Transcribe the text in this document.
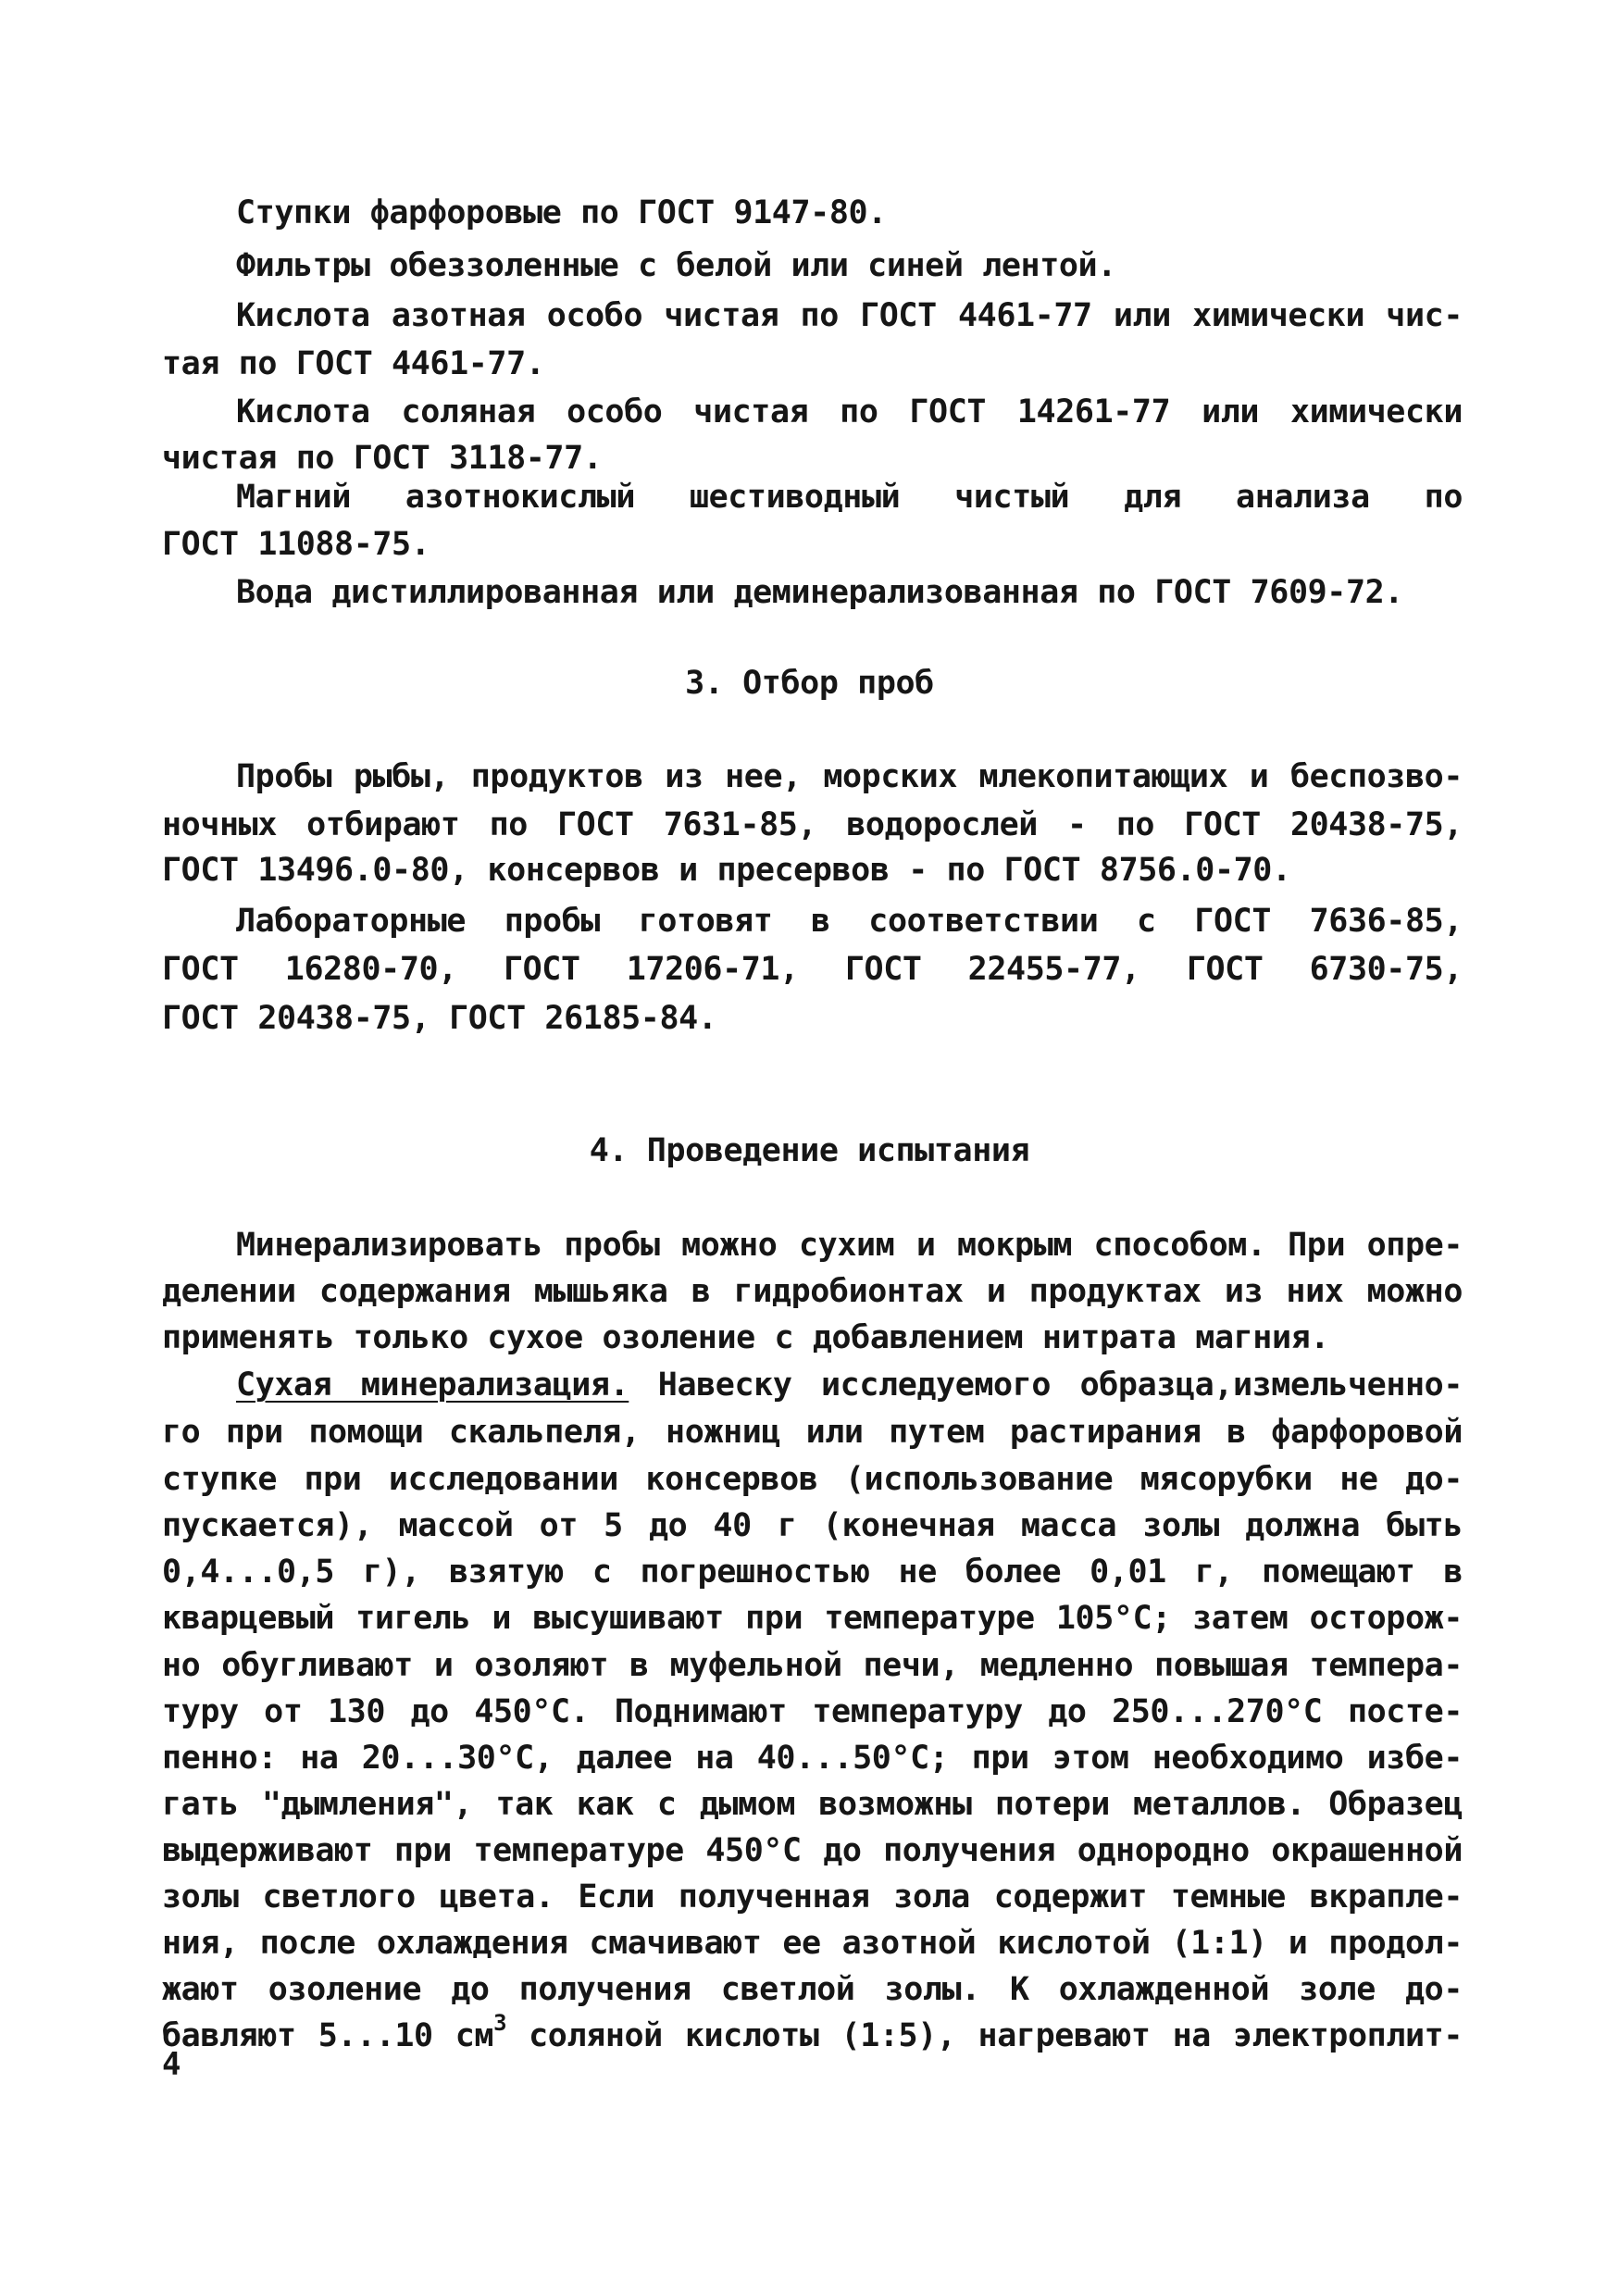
Ступки фарфоровые по ГОСТ 9147-80.
Фильтры обеззоленные с белой или синей лентой.
Кислота азотная особо чистая по ГОСТ 4461-77 или химически чис-
тая по ГОСТ 4461-77.
Кислота соляная особо чистая по ГОСТ 14261-77 или химически
чистая по ГОСТ 3118-77.
Магний азотнокислый шестиводный чистый для анализа по
ГОСТ 11088-75.
Вода дистиллированная или деминерализованная по ГОСТ 7609-72.
3. Отбор проб
Пробы рыбы, продуктов из нее, морских млекопитающих и беспозво-
ночных отбирают по ГОСТ 7631-85, водорослей - по ГОСТ 20438-75,
ГОСТ 13496.0-80, консервов и пресервов - по ГОСТ 8756.0-70.
Лабораторные пробы готовят в соответствии с ГОСТ 7636-85,
ГОСТ 16280-70, ГОСТ 17206-71, ГОСТ 22455-77, ГОСТ 6730-75,
ГОСТ 20438-75, ГОСТ 26185-84.
4. Проведение испытания
Минерализировать пробы можно сухим и мокрым способом. При опре-
делении содержания мышьяка в гидробионтах и продуктах из них можно
применять только сухое озоление с добавлением нитрата магния.
Сухая минерализация. Навеску исследуемого образца,измельченно-
го при помощи скальпеля, ножниц или путем растирания в фарфоровой
ступке при исследовании консервов (использование мясорубки не до-
пускается), массой от 5 до 40 г (конечная масса золы должна быть
0,4...0,5 г), взятую с погрешностью не более 0,01 г, помещают в
кварцевый тигель и высушивают при температуре 105°С; затем осторож-
но обугливают и озоляют в муфельной печи, медленно повышая темпера-
туру от 130 до 450°С. Поднимают температуру до 250...270°С посте-
пенно: на 20...30°С, далее на 40...50°С; при этом необходимо избе-
гать "дымления", так как с дымом возможны потери металлов. Образец
выдерживают при температуре 450°С до получения однородно окрашенной
золы светлого цвета. Если полученная зола содержит темные вкрапле-
ния, после охлаждения смачивают ее азотной кислотой (1:1) и продол-
жают озоление до получения светлой золы. К охлажденной золе до-
бавляют 5...10 $см^3$ соляной кислоты (1:5), нагревают на электроплит-
4
